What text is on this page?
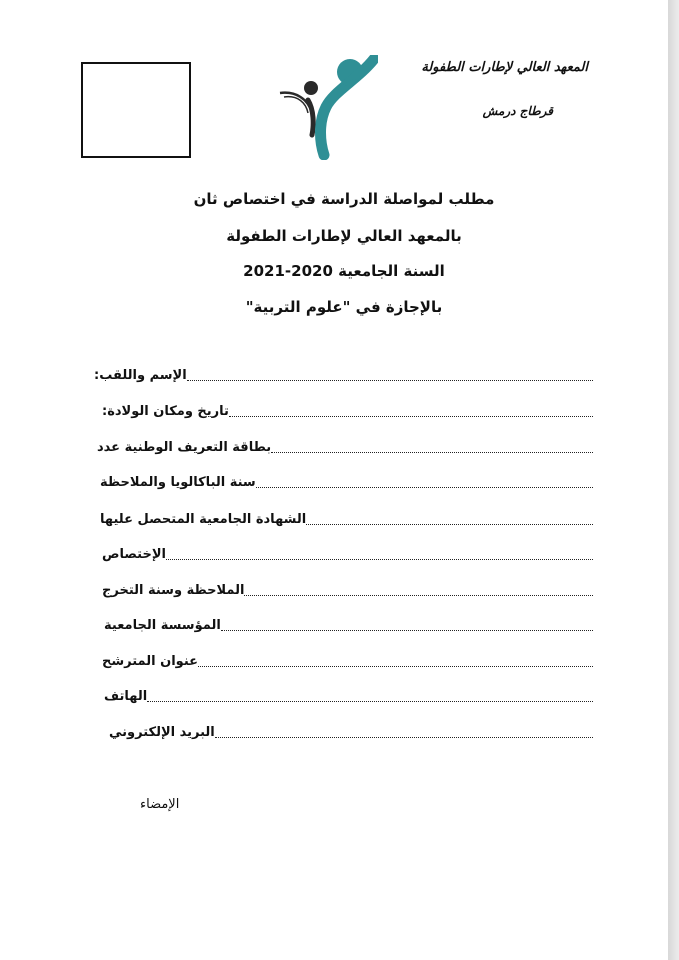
المعهد العالي لإطارات الطفولة
قرطاج درمش
مطلب لمواصلة الدراسة في اختصاص ثان
بالمعهد العالي لإطارات الطفولة
السنة الجامعية 2020-2021
بالإجازة في "علوم التربية"
الإسم واللقب:
تاريخ ومكان الولادة:
بطاقة التعريف الوطنية عدد
سنة الباكالويا والملاحظة
الشهادة الجامعية المتحصل عليها
الإختصاص
الملاحظة وسنة التخرج
المؤسسة الجامعية
عنوان المترشح
الهاتف
البريد الإلكتروني
الإمضاء
